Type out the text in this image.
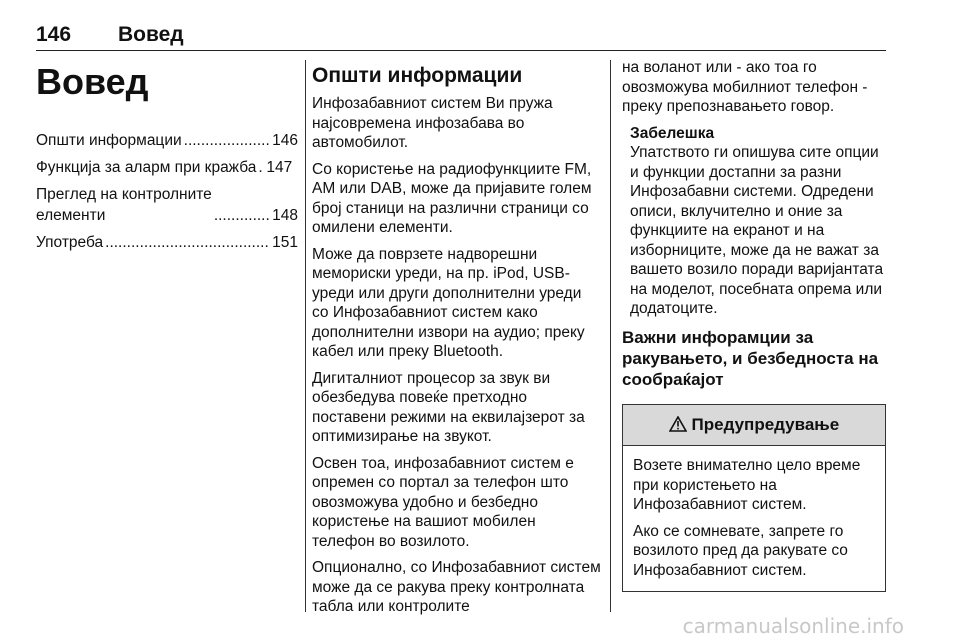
146 Вовед
Вовед
Општи информации .....	146
Функција за аларм при кражба ..... 147
Преглед на контролните
елементи .....	148
Употреба .....	151
Општи информации

Инфозабавниот систем Ви пружа најсовремена инфозабава во автомобилот.

Со користење на радиофункциите FM, AM или DAB, може да пријавите голем број станици на различни страници со омилени елементи.

Може да поврзете надворешни мемориски уреди, на пр. iPod, USB-уреди или други дополнителни уреди со Инфозабавниот систем како дополнителни извори на аудио; преку кабел или преку Bluetooth.

Дигиталниот процесор за звук ви обезбедува повеќе претходно поставени режими на еквилајзерот за оптимизирање на звукот.

Освен тоа, инфозабавниот систем е опремен со портал за телефон што овозможува удобно и безбедно користење на вашиот мобилен телефон во возилото.

Опционално, со Инфозабавниот систем може да се ракува преку контролната табла или контролите

на воланот или - ако тоа го овозможува мобилниот телефон - преку препознавањето говор.

Забелешка

Упатството ги опишува сите опции и функции достапни за разни Инфозабавни системи. Одредени описи, вклучително и оние за функциите на екранот и на изборниците, може да не важат за вашето возило поради варијантата на моделот, посебната опрема или додатоците.

Важни инфорамции за ракувањето, и безбедноста на сообраќајот
Предупредување

Возете внимателно цело време при користењето на Инфозабавниот систем.

Ако се сомневате, запрете го возилото пред да ракувате со Инфозабавниот систем.

carmanualsonline.info
